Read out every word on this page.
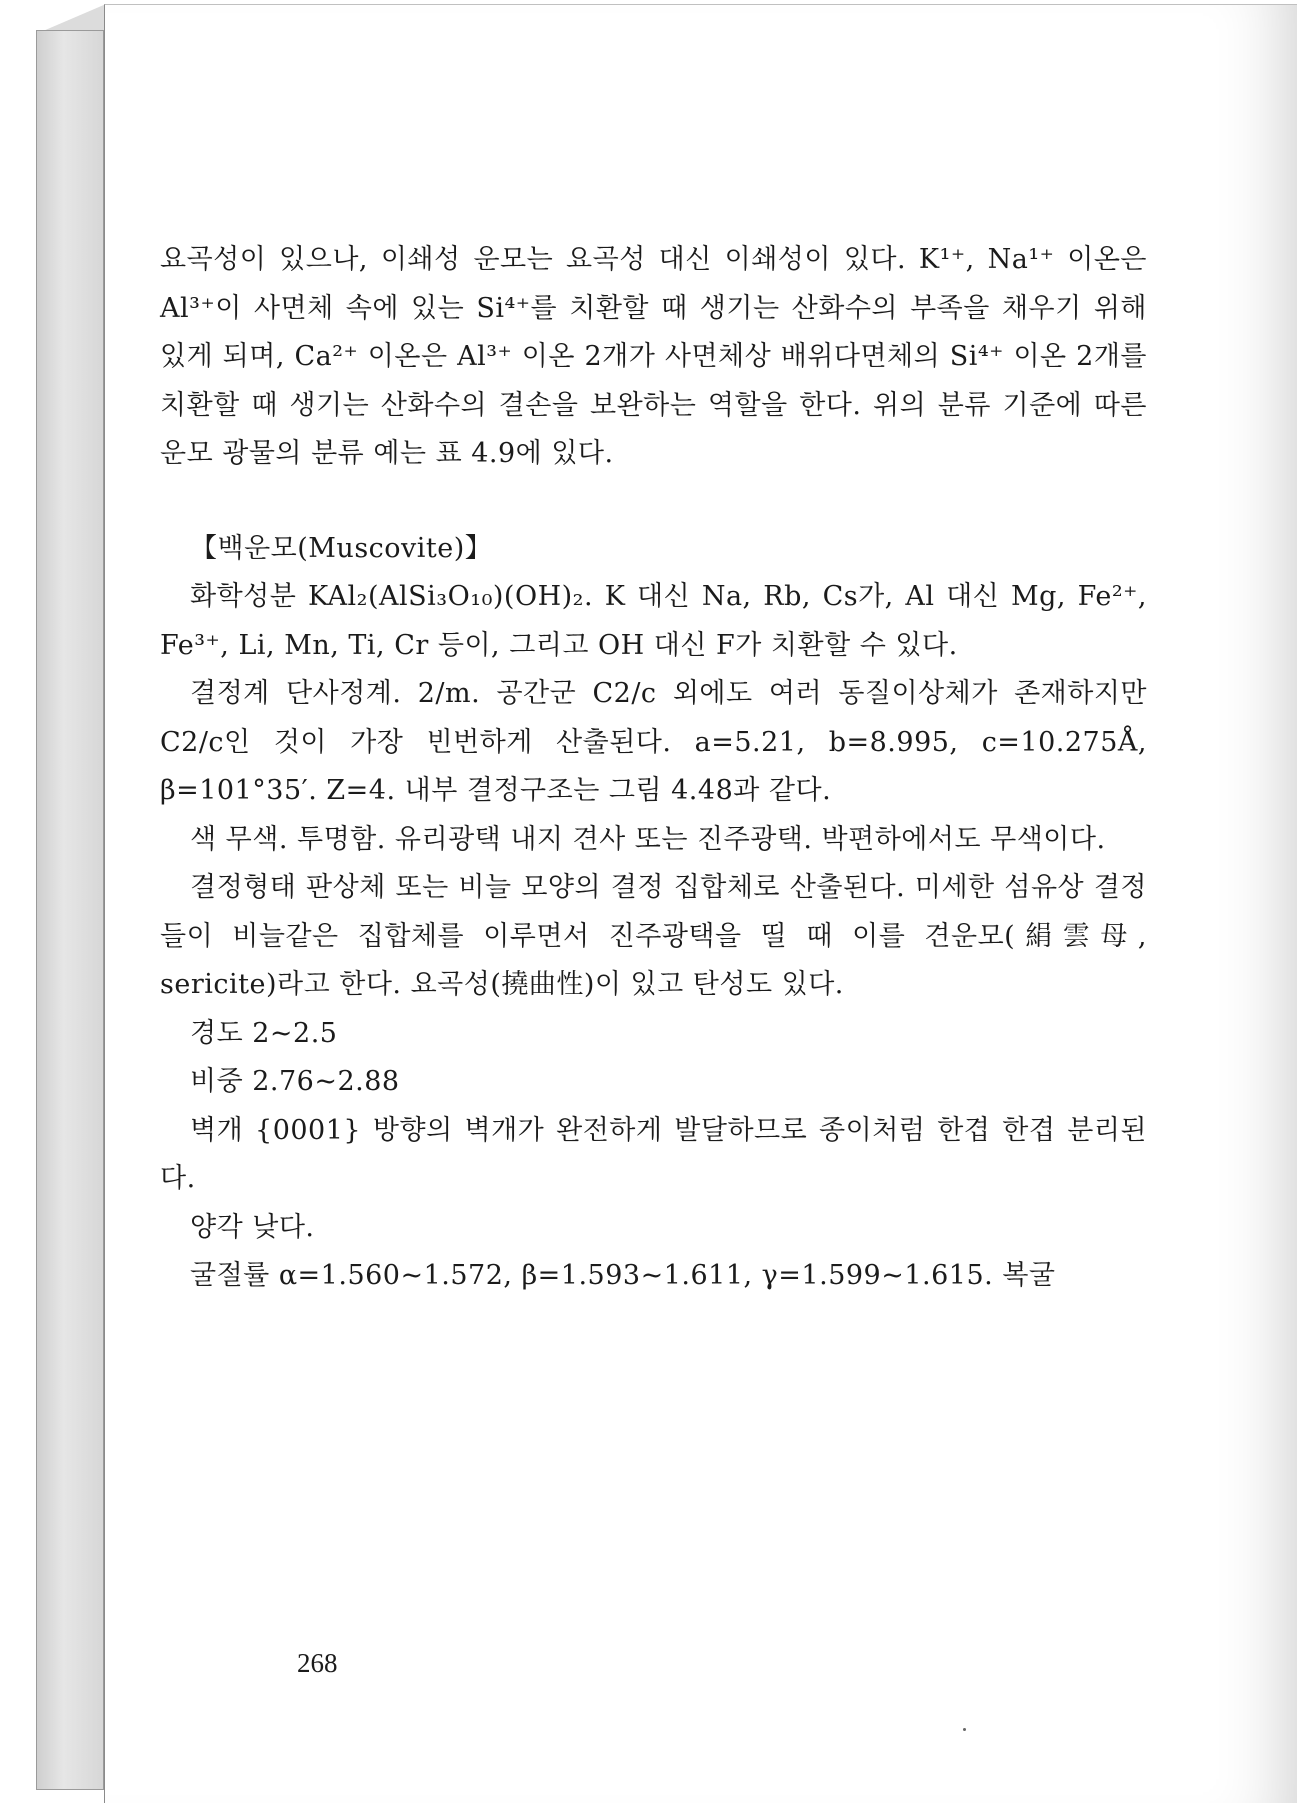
요곡성이 있으나, 이쇄성 운모는 요곡성 대신 이쇄성이 있다. K¹⁺, Na¹⁺ 이온은 Al³⁺이 사면체 속에 있는 Si⁴⁺를 치환할 때 생기는 산화수의 부족을 채우기 위해 있게 되며, Ca²⁺ 이온은 Al³⁺ 이온 2개가 사면체상 배위다면체의 Si⁴⁺ 이온 2개를 치환할 때 생기는 산화수의 결손을 보완하는 역할을 한다. 위의 분류 기준에 따른 운모 광물의 분류 예는 표 4.9에 있다.

【백운모(Muscovite)】

화학성분 KAl₂(AlSi₃O₁₀)(OH)₂. K 대신 Na, Rb, Cs가, Al 대신 Mg, Fe²⁺, Fe³⁺, Li, Mn, Ti, Cr 등이, 그리고 OH 대신 F가 치환할 수 있다.

결정계 단사정계. 2/m. 공간군 C2/c 외에도 여러 동질이상체가 존재하지만 C2/c인 것이 가장 빈번하게 산출된다. a=5.21, b=8.995, c=10.275Å, β=101°35′. Z=4. 내부 결정구조는 그림 4.48과 같다.

색 무색. 투명함. 유리광택 내지 견사 또는 진주광택. 박편하에서도 무색이다.

결정형태 판상체 또는 비늘 모양의 결정 집합체로 산출된다. 미세한 섬유상 결정들이 비늘같은 집합체를 이루면서 진주광택을 띨 때 이를 견운모(絹雲母, sericite)라고 한다. 요곡성(撓曲性)이 있고 탄성도 있다.

경도 2~2.5

비중 2.76~2.88

벽개 {0001} 방향의 벽개가 완전하게 발달하므로 종이처럼 한겹 한겹 분리된다.

양각 낮다.

굴절률 α=1.560~1.572, β=1.593~1.611, γ=1.599~1.615. 복굴

268
